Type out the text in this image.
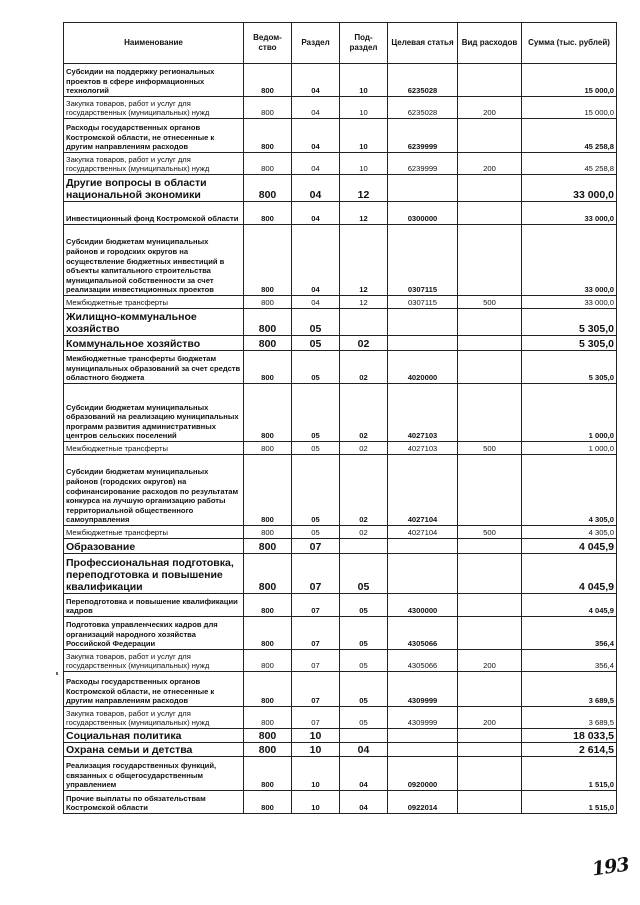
Наименование	Ведом-ство	Раздел	Под-раздел	Целевая статья	Вид расходов	Сумма (тыс. рублей)
Субсидии на поддержку региональных проектов в сфере информационных технологий	800	04	10	6235028		15 000,0
Закупка товаров, работ и услуг для государственных (муниципальных) нужд	800	04	10	6235028	200	15 000,0
Расходы государственных органов Костромской области, не отнесенные к другим направлениям расходов	800	04	10	6239999		45 258,8
Закупка товаров, работ и услуг для государственных (муниципальных) нужд	800	04	10	6239999	200	45 258,8
Другие вопросы в области национальной экономики	800	04	12			33 000,0
Инвестиционный фонд Костромской области	800	04	12	0300000		33 000,0
Субсидии бюджетам муниципальных районов и городских округов на осуществление бюджетных инвестиций в объекты капитального строительства муниципальной собственности за счет реализации инвестиционных проектов	800	04	12	0307115		33 000,0
Межбюджетные трансферты	800	04	12	0307115	500	33 000,0
Жилищно-коммунальное хозяйство	800	05				5 305,0
Коммунальное хозяйство	800	05	02			5 305,0
Межбюджетные трансферты бюджетам муниципальных образований за счет средств областного бюджета	800	05	02	4020000		5 305,0
Субсидии бюджетам муниципальных образований на реализацию муниципальных программ развития административных центров сельских поселений	800	05	02	4027103		1 000,0
Межбюджетные трансферты	800	05	02	4027103	500	1 000,0
Субсидии бюджетам муниципальных районов (городских округов) на софинансирование расходов по результатам конкурса на лучшую организацию работы территориальной общественного самоуправления	800	05	02	4027104		4 305,0
Межбюджетные трансферты	800	05	02	4027104	500	4 305,0
Образование	800	07				4 045,9
Профессиональная подготовка, переподготовка и повышение квалификации	800	07	05			4 045,9
Переподготовка и повышение квалификации кадров	800	07	05	4300000		4 045,9
Подготовка управленческих кадров для организаций народного хозяйства Российской Федерации	800	07	05	4305066		356,4
Закупка товаров, работ и услуг для государственных (муниципальных) нужд	800	07	05	4305066	200	356,4
Расходы государственных органов Костромской области, не отнесенные к другим направлениям расходов	800	07	05	4309999		3 689,5
Закупка товаров, работ и услуг для государственных (муниципальных) нужд	800	07	05	4309999	200	3 689,5
Социальная политика	800	10				18 033,5
Охрана семьи и детства	800	10	04			2 614,5
Реализация государственных функций, связанных с общегосударственным управлением	800	10	04	0920000		1 515,0
Прочие выплаты по обязательствам Костромской области	800	10	04	0922014		1 515,0
193
